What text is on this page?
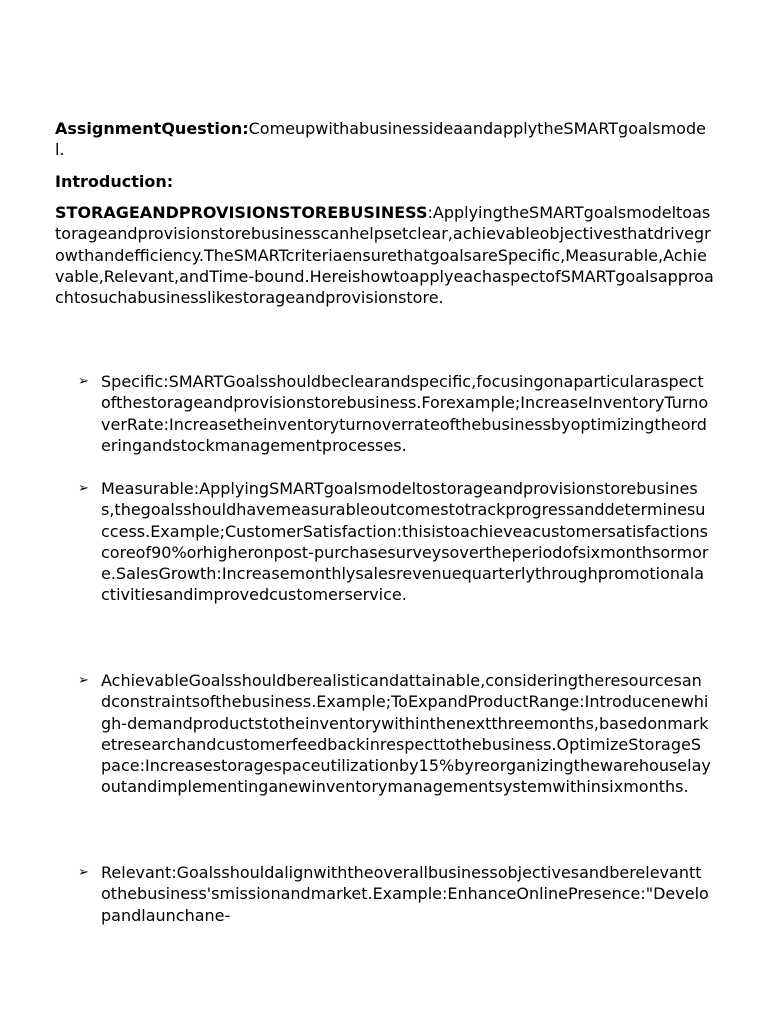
AssignmentQuestion:ComeupwithabusinessideaandapplytheSMARTgoalsmodel.
Introduction:
STORAGEANDPROVISIONSTOREBUSINESS:ApplyingtheSMARTgoalsmodeltoastorageandprovisionstorebusinesscanhelpsetclear,achievableobjectivesthatdrivegrowthandefficiency.TheSMARTcriteriaensurethatgoalsareSpecific,Measurable,Achievable,Relevant,andTime-bound.HereishowtoapplyeachaspectofSMARTgoalsapproachtosuchabusinesslikestorageandprovisionstore.
➢ Specific:SMARTGoalsshouldbeclearandspecific,focusingonaparticularaspectofthestorageandprovisionstorebusiness.Forexample;IncreaseInventoryTurnoverRate:Increasetheinventoryturnoverrateofthebusinessbyoptimizingtheorderingandstockmanagementprocesses.
➢ Measurable:ApplyingSMARTgoalsmodeltostorageandprovisionstorebusiness,thegoalsshouldhavemeasurableoutcomestotrackprogressanddeterminesuccess.Example;CustomerSatisfaction:thisistoachieveacustomersatisfactionscoreof90%orhigheronpost-purchasesurveysovertheperiodofsixmonthsormore.SalesGrowth:Increasemonthlysalesrevenuequarterlythroughpromotionalactivitiesandimprovedcustomerservice.
➢ AchievableGoalsshouldberealisticandattainable,consideringtheresourcesandconstraintsofthebusiness.Example;ToExpandProductRange:Introducenewhigh-demandproductstotheinventorywithinthenextthreemonths,basedonmarketresearchandcustomerfeedbackinrespecttothebusiness.OptimizeStorageSpace:Increasestoragespaceutilizationby15%byreorganizingthewarehouselayoutandimplementinganewinventorymanagementsystemwithinsixmonths.
➢ Relevant:Goalsshouldalignwiththeoverallbusinessobjectivesandberelevanttothebusiness'smissionandmarket.Example:EnhanceOnlinePresence:"Developandlaunchane-
